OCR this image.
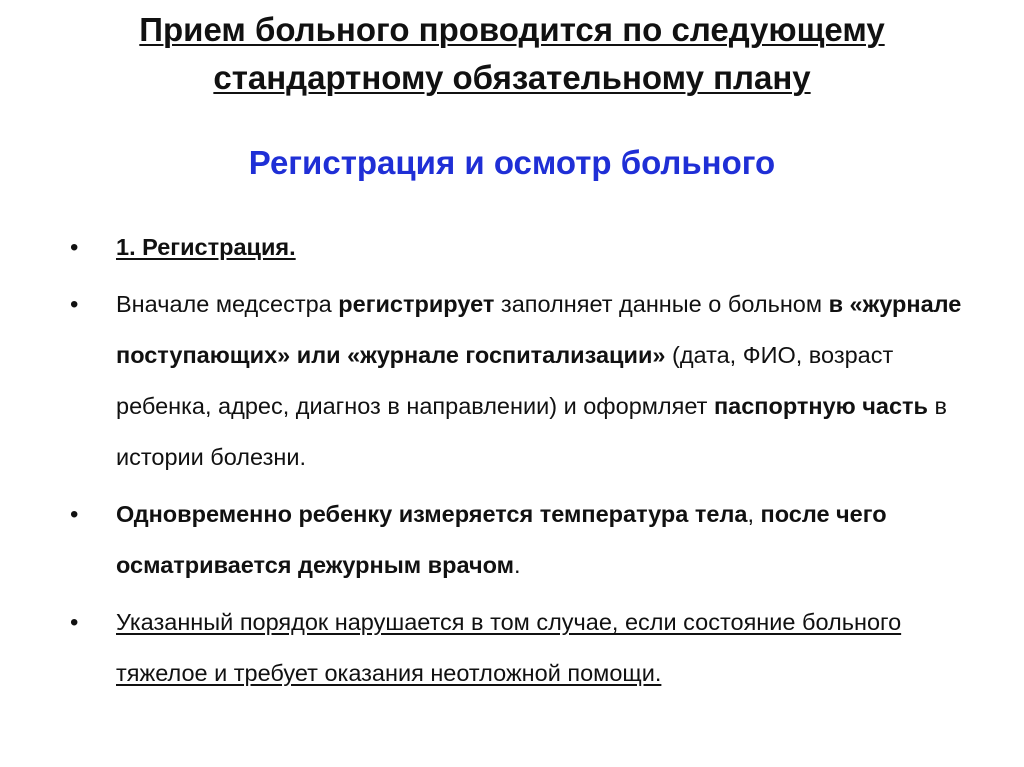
Прием больного проводится по следующему стандартному обязательному плану
Регистрация и осмотр больного
•	1. Регистрация.
•	Вначале медсестра регистрирует заполняет данные о больном в «журнале поступающих» или «журнале госпитализации» (дата, ФИО, возраст ребенка, адрес, диагноз в направлении) и оформляет паспортную часть в истории болезни.
•	Одновременно ребенку измеряется температура тела, после чего осматривается дежурным врачом.
•	Указанный порядок нарушается в том случае, если состояние больного тяжелое и требует оказания неотложной помощи.
